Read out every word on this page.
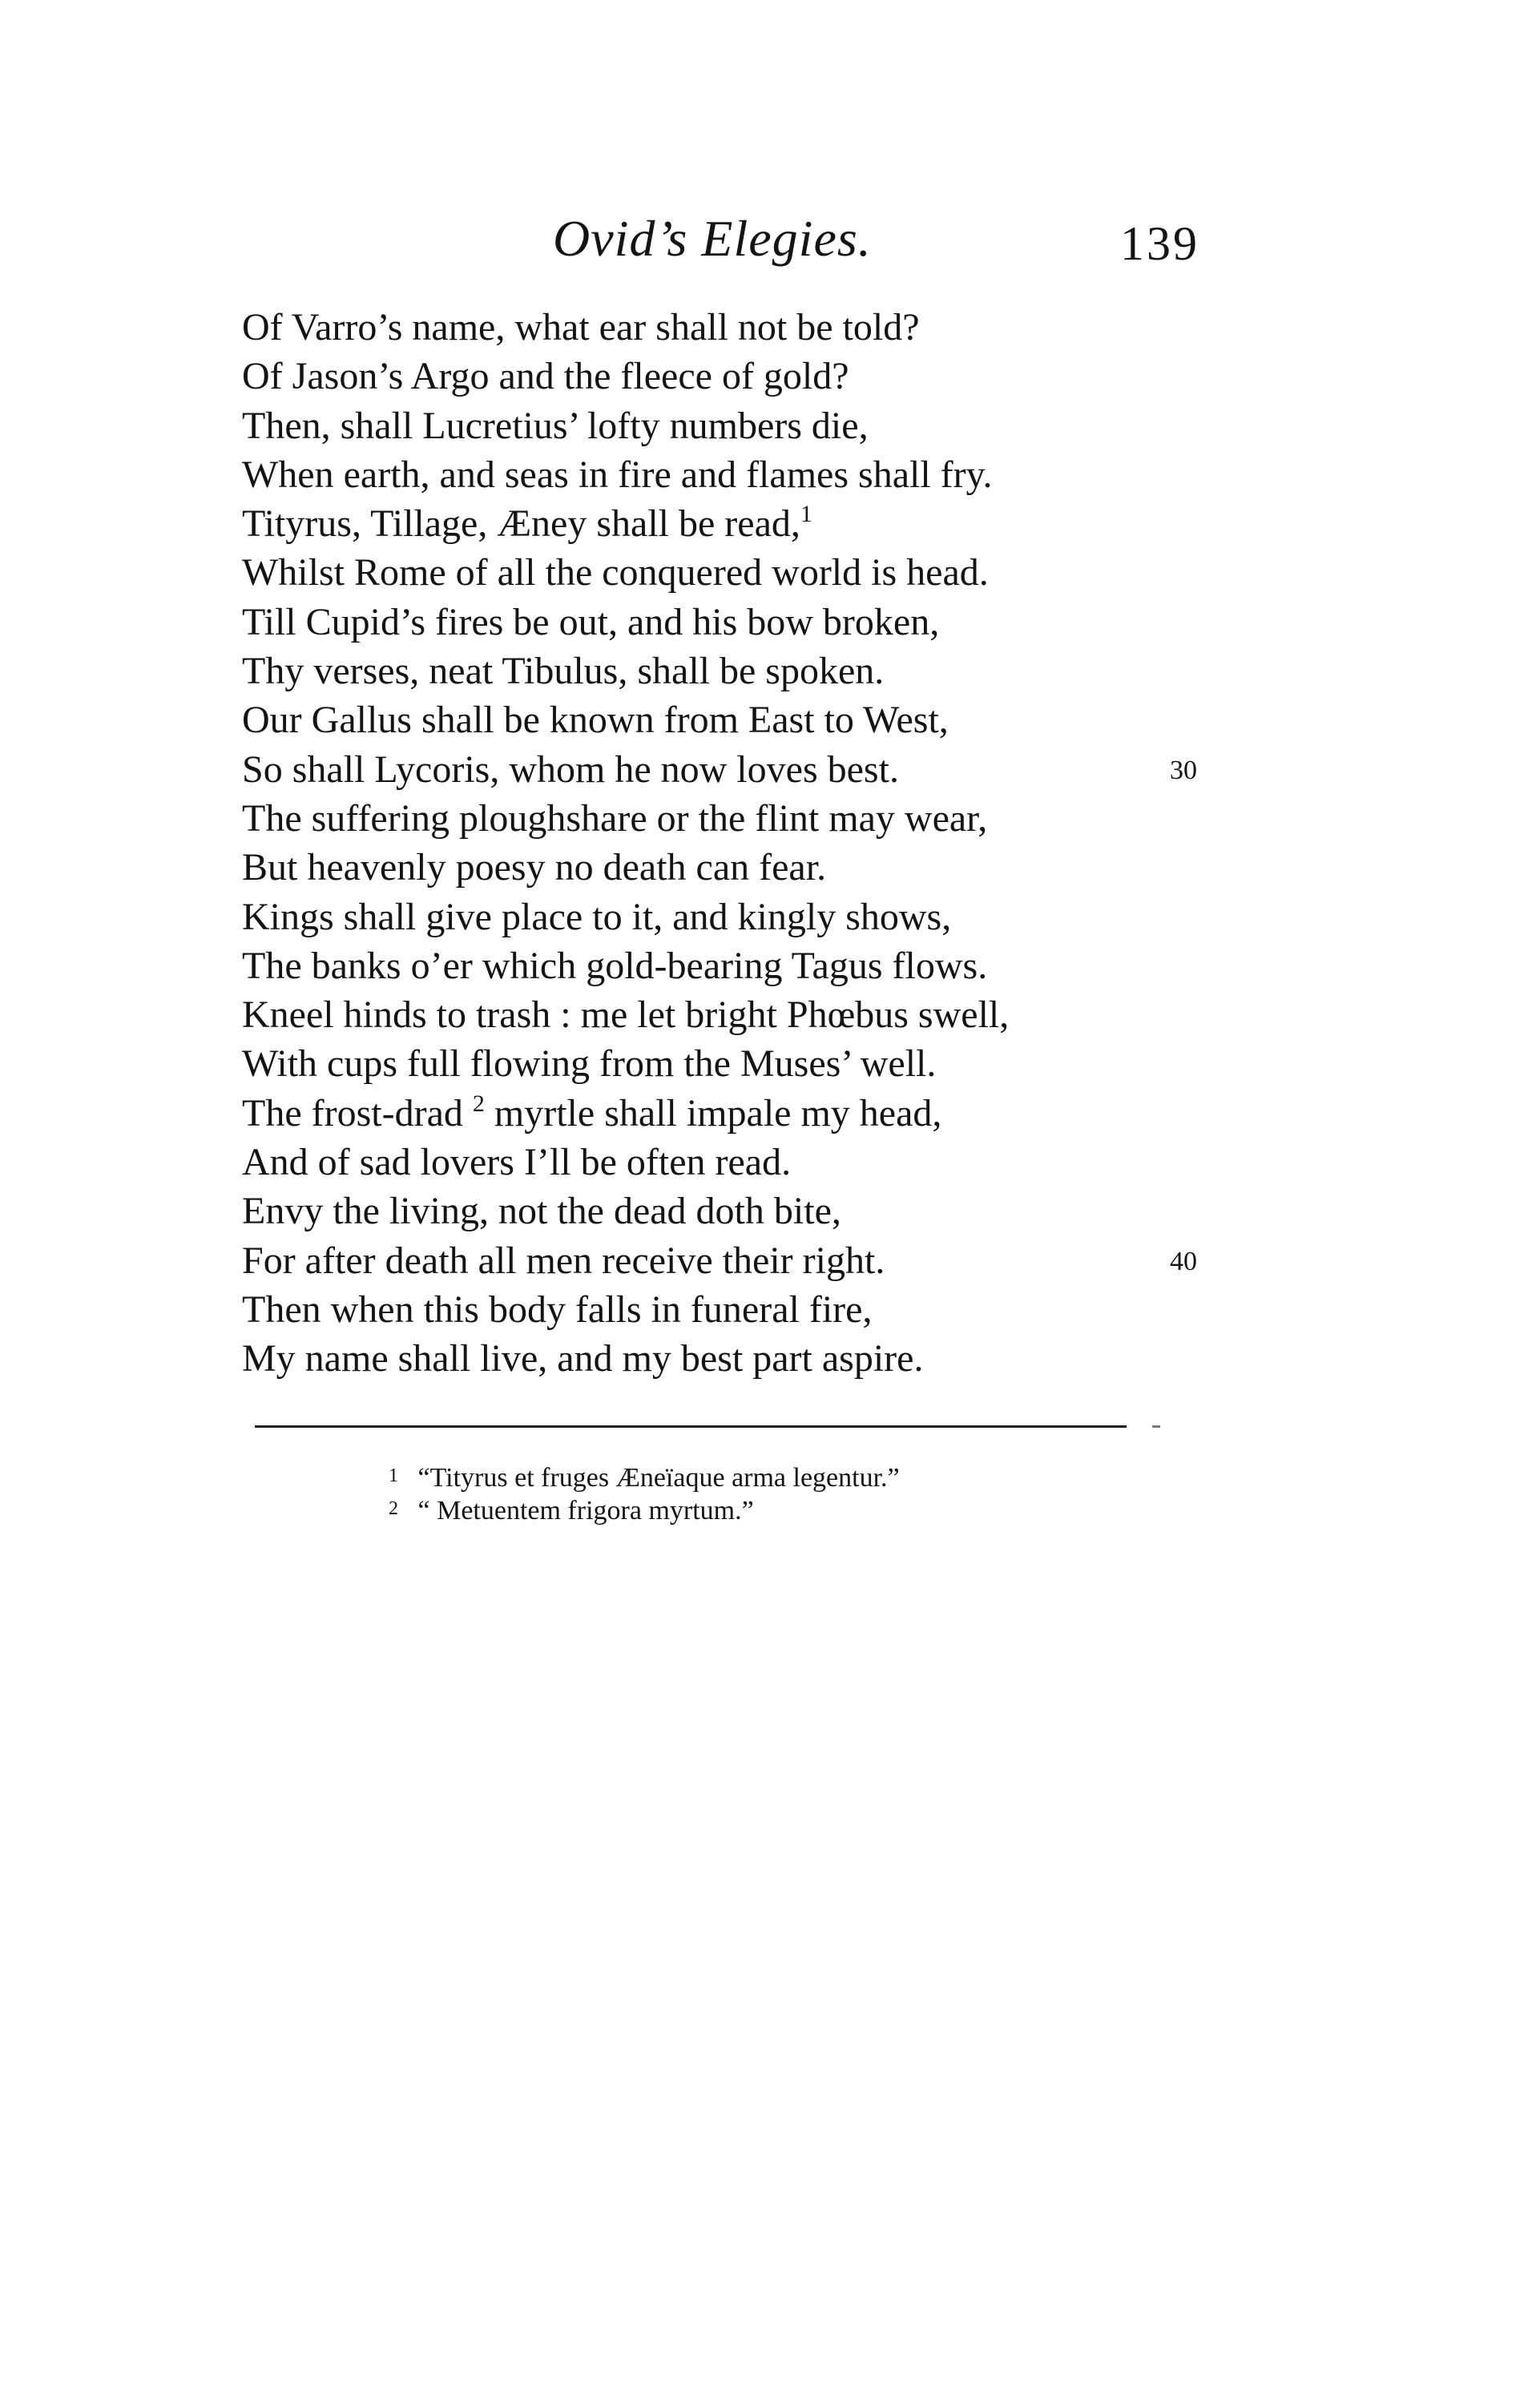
Ovid’s Elegies.	139
Of Varro’s name, what ear shall not be told?
Of Jason’s Argo and the fleece of gold?
Then, shall Lucretius’ lofty numbers die,
When earth, and seas in fire and flames shall fry.
Tityrus, Tillage, Æney shall be read,$^1$
Whilst Rome of all the conquered world is head.
Till Cupid’s fires be out, and his bow broken,
Thy verses, neat Tibulus, shall be spoken.
Our Gallus shall be known from East to West,
So shall Lycoris, whom he now loves best.	30
The suffering ploughshare or the flint may wear,
But heavenly poesy no death can fear.
Kings shall give place to it, and kingly shows,
The banks o’er which gold-bearing Tagus flows.
Kneel hinds to trash : me let bright Phœbus swell,
With cups full flowing from the Muses’ well.
The frost-drad $^2$ myrtle shall impale my head,
And of sad lovers I’ll be often read.
Envy the living, not the dead doth bite,
For after death all men receive their right.	40
Then when this body falls in funeral fire,
My name shall live, and my best part aspire.
1 “Tityrus et fruges Æneïaque arma legentur.”
2 “ Metuentem frigora myrtum.”
